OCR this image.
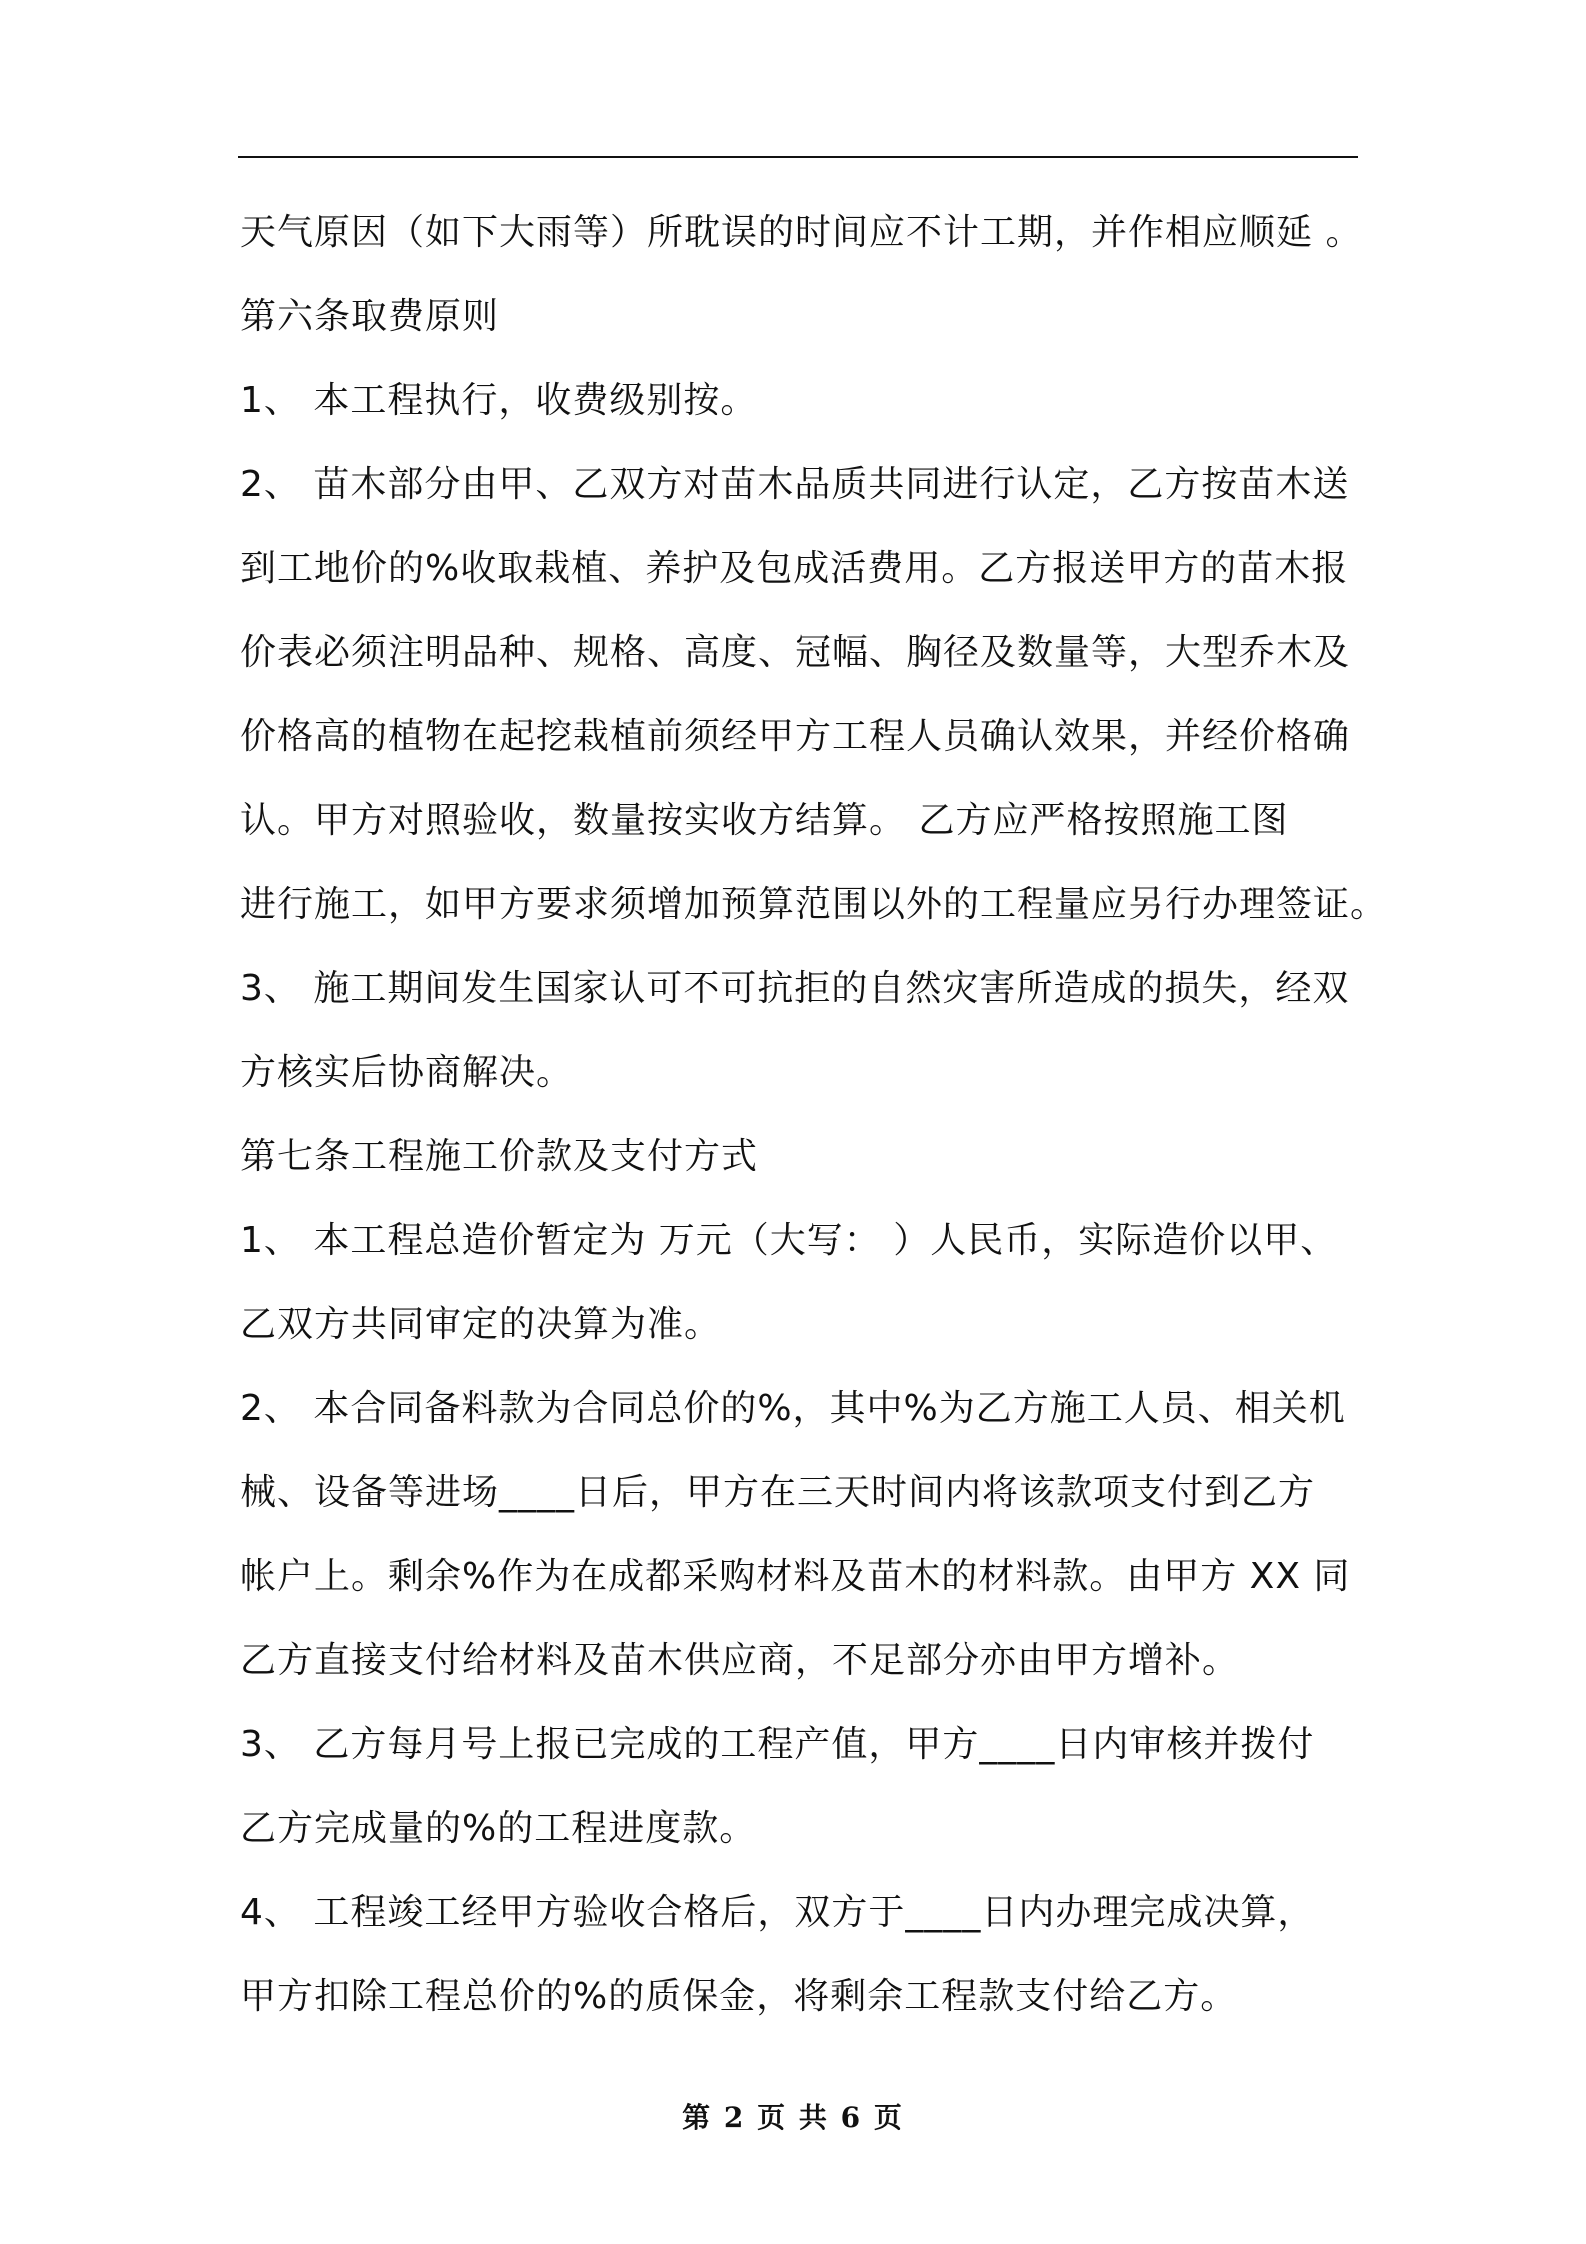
天气原因（如下大雨等）所耽误的时间应不计工期，并作相应顺延 。
第六条取费原则
1、 本工程执行，收费级别按。
2、 苗木部分由甲、乙双方对苗木品质共同进行认定，乙方按苗木送
到工地价的%收取栽植、养护及包成活费用。乙方报送甲方的苗木报
价表必须注明品种、规格、高度、冠幅、胸径及数量等，大型乔木及
价格高的植物在起挖栽植前须经甲方工程人员确认效果，并经价格确
认。甲方对照验收，数量按实收方结算。 乙方应严格按照施工图
进行施工，如甲方要求须增加预算范围以外的工程量应另行办理签证。
3、 施工期间发生国家认可不可抗拒的自然灾害所造成的损失，经双
方核实后协商解决。
第七条工程施工价款及支付方式
1、 本工程总造价暂定为 万元（大写： ）人民币，实际造价以甲、
乙双方共同审定的决算为准。
2、 本合同备料款为合同总价的%，其中%为乙方施工人员、相关机
械、设备等进场____日后，甲方在三天时间内将该款项支付到乙方
帐户上。剩余%作为在成都采购材料及苗木的材料款。由甲方 XX 同
乙方直接支付给材料及苗木供应商，不足部分亦由甲方增补。
3、 乙方每月号上报已完成的工程产值，甲方____日内审核并拨付
乙方完成量的%的工程进度款。
4、 工程竣工经甲方验收合格后，双方于____日内办理完成决算，
甲方扣除工程总价的%的质保金，将剩余工程款支付给乙方。
第 2 页 共 6 页
